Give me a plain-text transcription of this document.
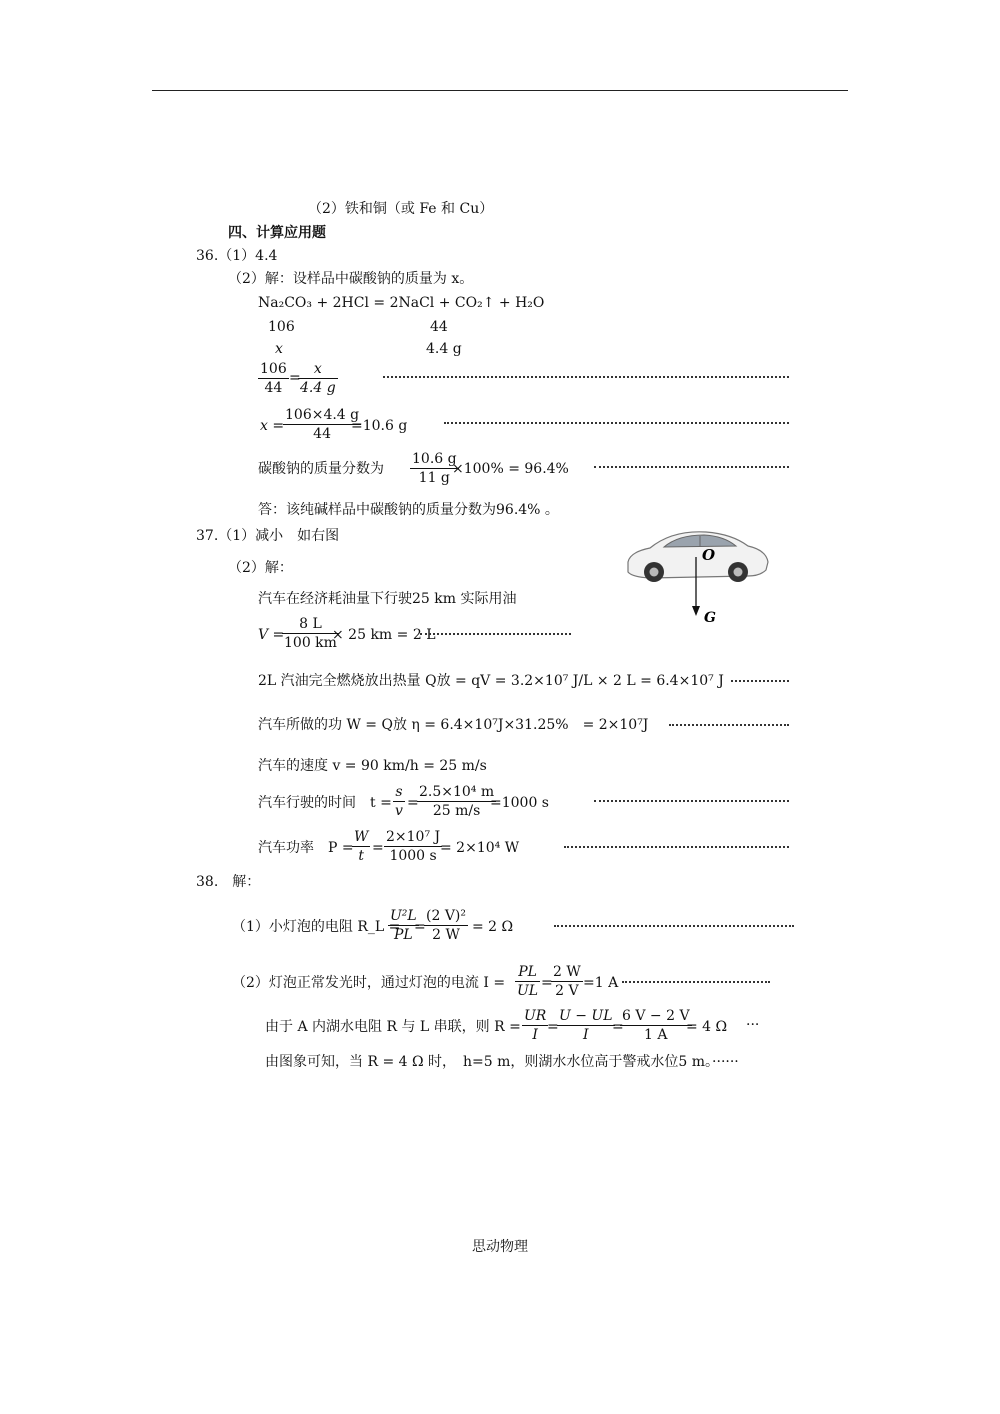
（2）铁和铜（或 Fe 和 Cu）
四、计算应用题
36.（1）4.4
（2）解：设样品中碳酸钠的质量为 x。
Na₂CO₃ + 2HCl = 2NaCl + CO₂↑ + H₂O
106	44
x	4.4 g
$\frac{106}{44}$ =
$\frac{x}{4.4 g}$
x =
$\frac{106\times 4.4 g}{44}$
=10.6 g
碳酸钠的质量分数为 $\frac{10.6 g}{11 g}$
×100% = 96.4%
答：该纯碱样品中碳酸钠的质量分数为96.4% 。
37.（1）减小　如右图
（2）解：
O
G
汽车在经济耗油量下行驶25 km 实际用油
V =
$\frac{8 L}{100 km}$
× 25 km = 2 L
2L 汽油完全燃烧放出热量 Q放 = qV = 3.2×10⁷ J/L × 2 L = 6.4×10⁷ J
汽车所做的功 W = Q放 η = 6.4×10⁷J×31.25%　= 2×10⁷J
汽车的速度 v = 90 km/h = 25 m/s
汽车行驶的时间　$t = \frac{s}{v}$ =
$\frac{\text{2.5×10⁴ m}}{25 m/s}$
=1000 s
汽车功率　P =
$\frac{W}{t} = \frac{\text{2×10⁷ J}}{1000 s}$
= 2×10⁴ W
38.　解：
（1）小灯泡的电阻 R_L =
$\frac{\text{U²L}}{PL}$
=
$\frac{\text{(2 V)²}}{2 W} = 2$ Ω
（2）灯泡正常发光时，通过灯泡的电流 $I = \frac{PL}{UL}$ =
$\frac{2 W}{2 V} =1$ A
由于 A 内湖水电阻 R 与 L 串联，则 $R = \frac{UR}{I}$
=
$\frac{U - UL}{I}$
=
$\frac{6 V - 2 V}{1 A}$
= 4 Ω ···
由图象可知，当 R = 4 Ω 时，　h=5 m，则湖水水位高于警戒水位5 m。······
思动物理
